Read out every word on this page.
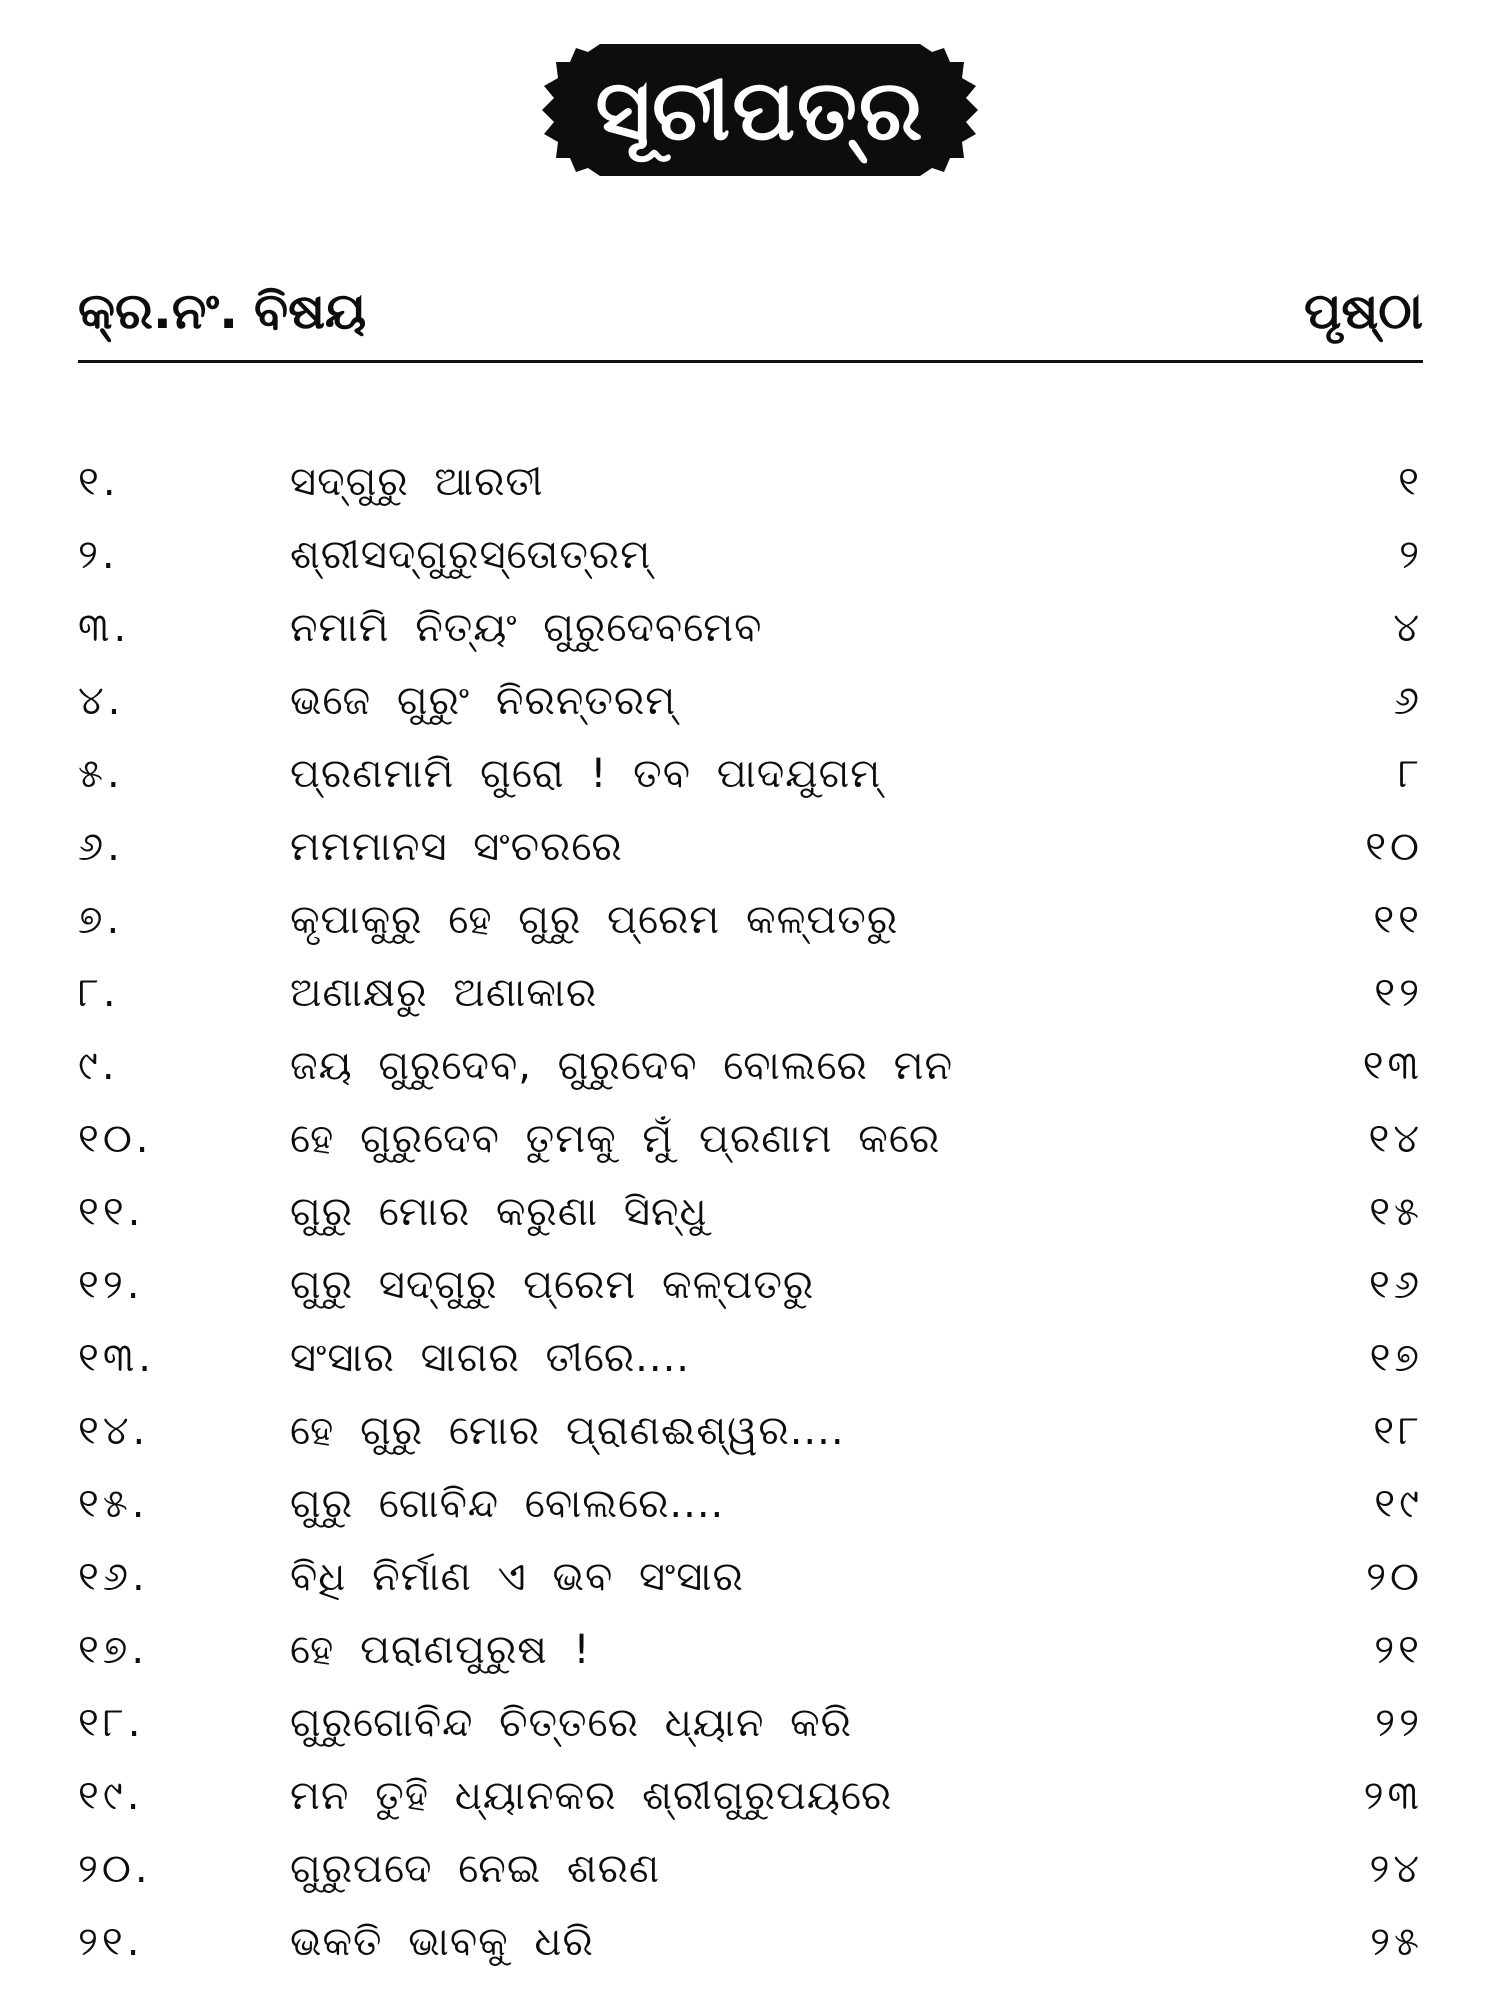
ସୂଚୀପତ୍ର
କ୍ର.ନଂ. ବିଷୟ	ପୃଷ୍ଠା
୧.	ସଦ୍‌ଗୁରୁ ଆରତୀ	୧
୨.	ଶ୍ରୀସଦ୍‌ଗୁରୁସ୍ତୋତ୍ରମ୍	୨
୩.	ନମାମି ନିତ୍ୟଂ ଗୁରୁଦେବମେବ	୪
୪.	ଭଜେ ଗୁରୁଂ ନିରନ୍ତରମ୍	୬
୫.	ପ୍ରଣମାମି ଗୁରୋ ! ତବ ପାଦଯୁଗମ୍	୮
୬.	ମମମାନସ ସଂଚରରେ	୧୦
୭.	କୃପାକୁରୁ ହେ ଗୁରୁ ପ୍ରେମ କଳ୍ପତରୁ	୧୧
୮.	ଅଣାକ୍ଷରୁ ଅଣାକାର	୧୨
୯.	ଜୟ ଗୁରୁଦେବ, ଗୁରୁଦେବ ବୋଲରେ ମନ	୧୩
୧୦.	ହେ ଗୁରୁଦେବ ତୁମକୁ ମୁଁ ପ୍ରଣାମ କରେ	୧୪
୧୧.	ଗୁରୁ ମୋର କରୁଣା ସିନ୍ଧୁ	୧୫
୧୨.	ଗୁରୁ ସଦ୍‌ଗୁରୁ ପ୍ରେମ କଳ୍ପତରୁ	୧୬
୧୩.	ସଂସାର ସାଗର ତୀରେ....	୧୭
୧୪.	ହେ ଗୁରୁ ମୋର ପ୍ରାଣଈଶ୍ୱର....	୧୮
୧୫.	ଗୁରୁ ଗୋବିନ୍ଦ ବୋଲରେ....	୧୯
୧୬.	ବିଧି ନିର୍ମାଣ ଏ ଭବ ସଂସାର	୨୦
୧୭.	ହେ ପରାଣପୁରୁଷ !	୨୧
୧୮.	ଗୁରୁଗୋବିନ୍ଦ ଚିତ୍ତରେ ଧ୍ୟାନ କରି	୨୨
୧୯.	ମନ ତୁହି ଧ୍ୟାନକର ଶ୍ରୀଗୁରୁପୟରେ	୨୩
୨୦.	ଗୁରୁପଦେ ନେଇ ଶରଣ	୨୪
୨୧.	ଭକତି ଭାବକୁ ଧରି	୨୫
